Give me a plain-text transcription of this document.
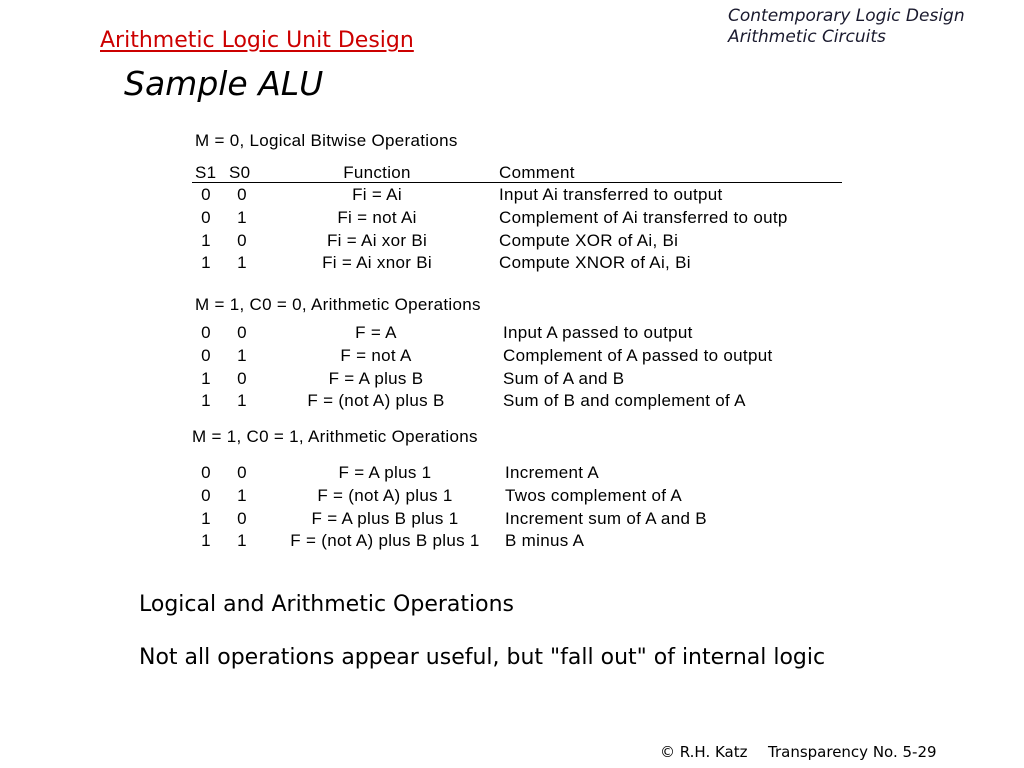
Contemporary Logic Design
Arithmetic Circuits
Arithmetic Logic Unit Design
Sample ALU
M = 0, Logical Bitwise Operations
S1 S0	Function	Comment
0	0	Fi = Ai	Input Ai transferred to output
0	1	Fi = not Ai	Complement of Ai transferred to outp
1	0	Fi = Ai xor Bi	Compute XOR of Ai, Bi
1	1	Fi = Ai xnor Bi	Compute XNOR of Ai, Bi
M = 1, C0 = 0, Arithmetic Operations
0	0	F = A	Input A passed to output
0	1	F = not A	Complement of A passed to output
1	0	F = A plus B	Sum of A and B
1	1	F = (not A) plus B	Sum of B and complement of A
M = 1, C0 = 1, Arithmetic Operations
0	0	F = A plus 1	Increment A
0	1	F = (not A) plus 1	Twos complement of A
1	0	F = A plus B plus 1	Increment sum of A and B
1	1	F = (not A) plus B plus 1	B minus A
Logical and Arithmetic Operations
Not all operations appear useful, but "fall out" of internal logic
© R.H. Katz Transparency No. 5-29
